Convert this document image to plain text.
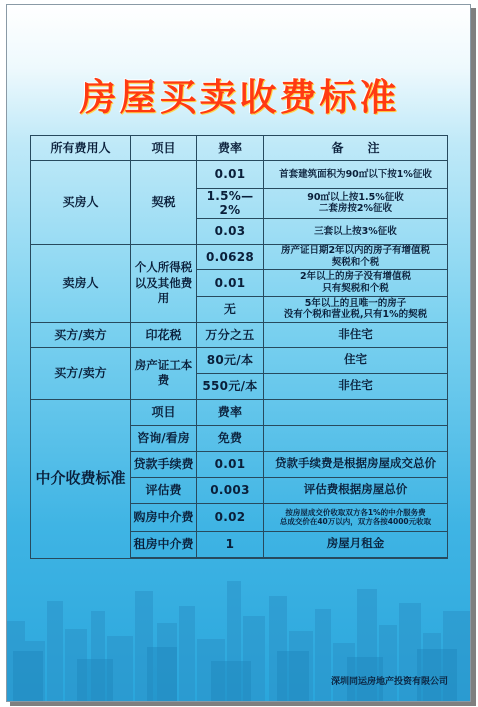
房屋买卖收费标准
所有费用人	项目	费率	备　　注
买房人	契税	0.01	首套建筑面积为90㎡以下按1%征收
		1.5%—2%	90㎡以上按1.5%征收
二套房按2%征收

		0.03	三套以上按3%征收
卖房人	个人所得税以及其他费用	0.0628	房产证日期2年以内的房子有增值税
契税和个税

		0.01	2年以上的房子没有增值税
只有契税和个税

		无	5年以上的且唯一的房子
没有个税和营业税,只有1%的契税

买方/卖方	印花税	万分之五	非住宅
买方/卖方	房产证工本费	80元/本	住宅
		550元/本	非住宅
中介收费标准	项目	费率	
	咨询/看房	免费	
	贷款手续费	0.01	贷款手续费是根据房屋成交总价
	评估费	0.003	评估费根据房屋总价
	购房中介费	0.02	按房屋成交价收取双方各1%的中介服务费
总成交价在40万以内，双方各按4000元收取

	租房中介费	1	房屋月租金

深圳同运房地产投资有限公司
